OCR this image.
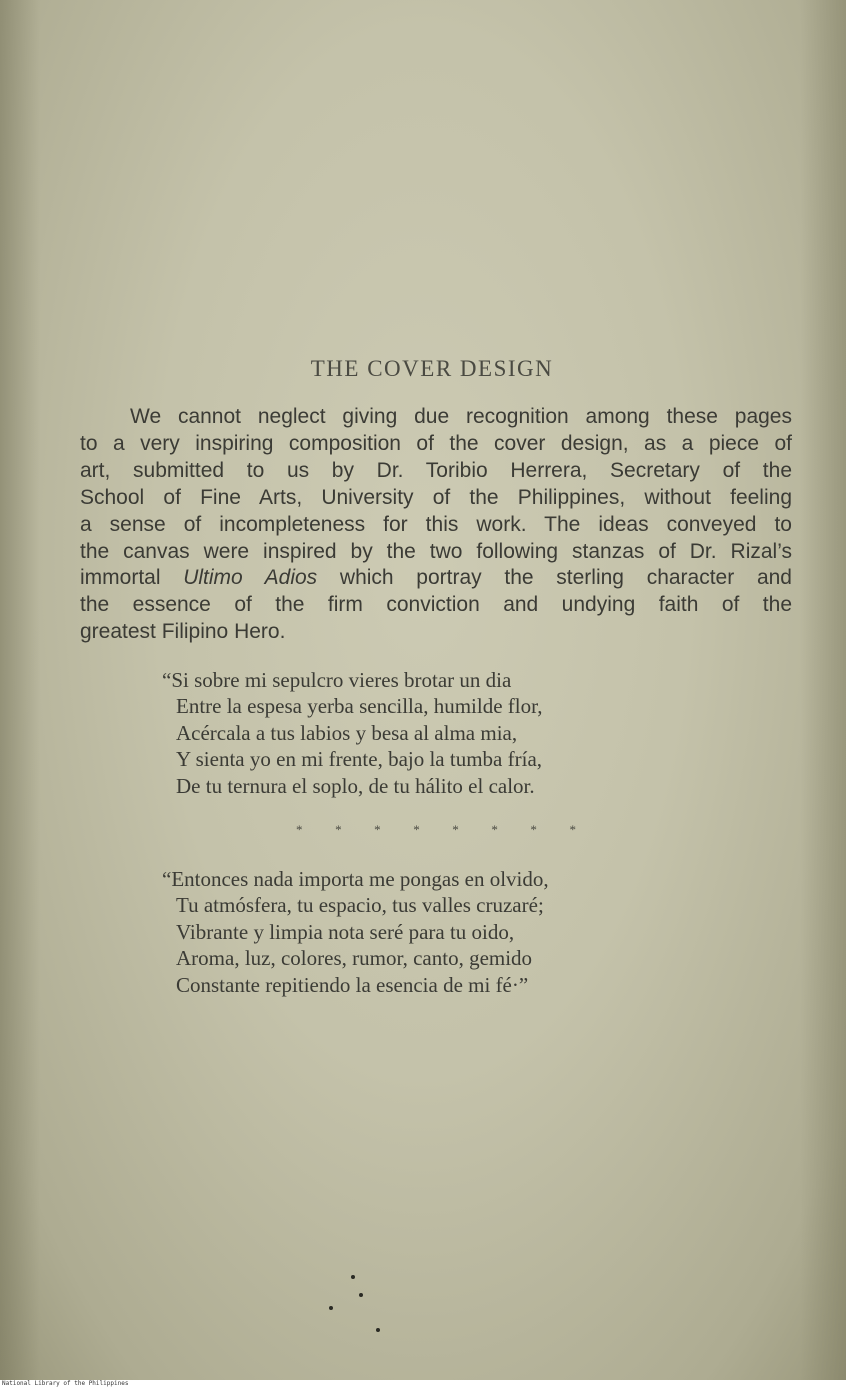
THE COVER DESIGN

We cannot neglect giving due recognition among these pages
to a very inspiring composition of the cover design, as a piece of
art, submitted to us by Dr. Toribio Herrera, Secretary of the
School of Fine Arts, University of the Philippines, without feeling
a sense of incompleteness for this work. The ideas conveyed to
the canvas were inspired by the two following stanzas of Dr. Rizal’s
immortal Ultimo Adios which portray the sterling character and
the essence of the firm conviction and undying faith of the
greatest Filipino Hero.

“Si sobre mi sepulcro vieres brotar un dia
Entre la espesa yerba sencilla, humilde flor,
Acércala a tus labios y besa al alma mia,
Y sienta yo en mi frente, bajo la tumba fría,
De tu ternura el soplo, de tu hálito el calor.

*	*	*	*	*	*	*	*

“Entonces nada importa me pongas en olvido,
Tu atmósfera, tu espacio, tus valles cruzaré;
Vibrante y limpia nota seré para tu oido,
Aroma, luz, colores, rumor, canto, gemido
Constante repitiendo la esencia de mi fé·”

National Library of the Philippines
